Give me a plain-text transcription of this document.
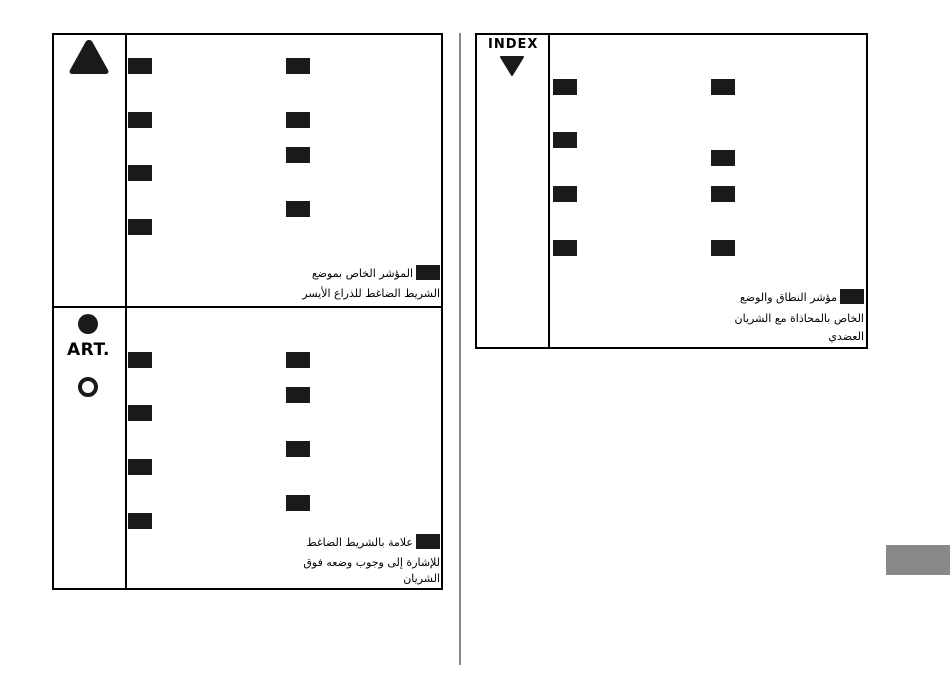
المؤشر الخاص بموضع
الشريط الضاغط للذراع الأيسر
ART.
علامة بالشريط الضاغط
للإشارة إلى وجوب وضعه فوق
الشريان
INDEX
مؤشر النطاق والوضع
الخاص بالمحاذاة مع الشريان
العضدي
